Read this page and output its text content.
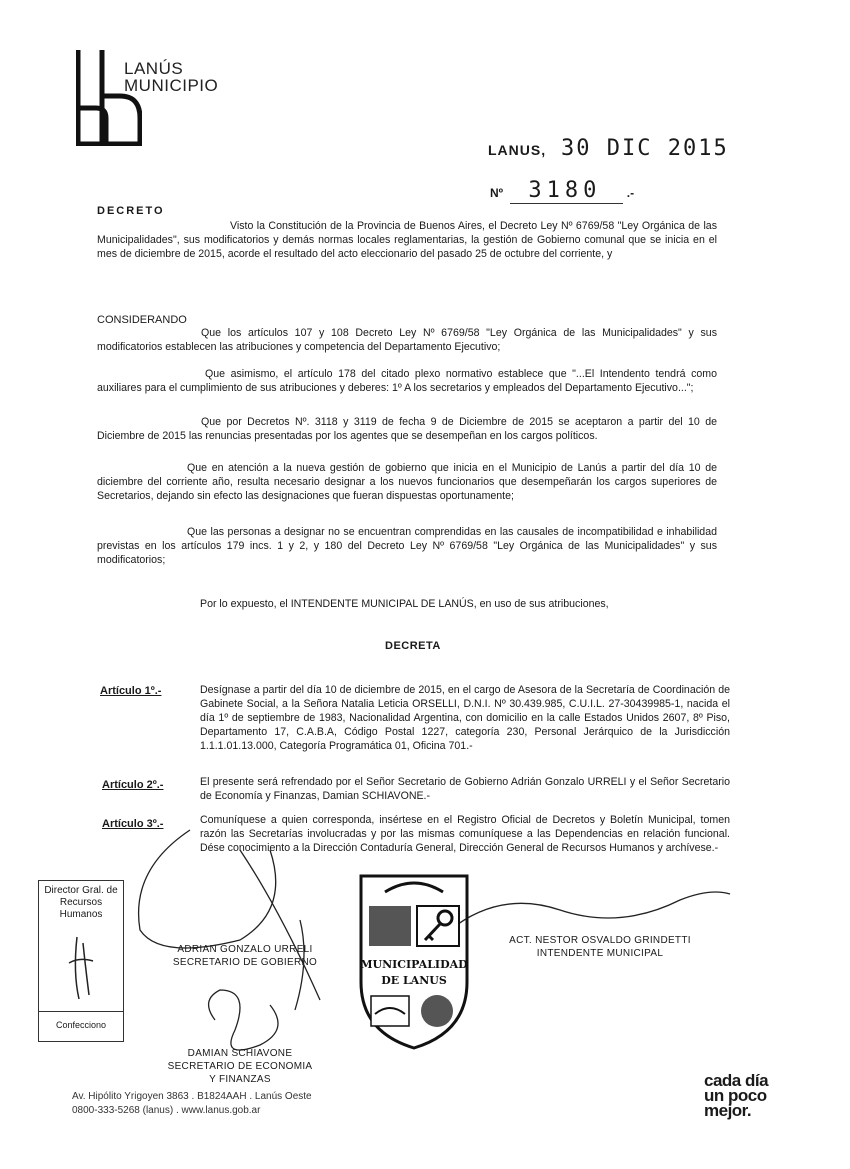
LANÚS
MUNICIPIO
LANUS, 30 DIC 2015
Nº 3180 .-
DECRETO
Visto la Constitución de la Provincia de Buenos Aires, el Decreto Ley Nº 6769/58 "Ley Orgánica de las Municipalidades", sus modificatorios y demás normas locales reglamentarias, la gestión de Gobierno comunal que se inicia en el mes de diciembre de 2015, acorde el resultado del acto eleccionario del pasado 25 de octubre del corriente, y
CONSIDERANDO
Que los artículos 107 y 108 Decreto Ley Nº 6769/58 "Ley Orgánica de las Municipalidades" y sus modificatorios establecen las atribuciones y competencia del Departamento Ejecutivo;
Que asimismo, el artículo 178 del citado plexo normativo establece que "...El Intendento tendrá como auxiliares para el cumplimiento de sus atribuciones y deberes: 1º A los secretarios y empleados del Departamento Ejecutivo...";
Que por Decretos Nº. 3118 y 3119 de fecha 9 de Diciembre de 2015 se aceptaron a partir del 10 de Diciembre de 2015 las renuncias presentadas por los agentes que se desempeñan en los cargos políticos.
Que en atención a la nueva gestión de gobierno que inicia en el Municipio de Lanús a partir del día 10 de diciembre del corriente año, resulta necesario designar a los nuevos funcionarios que desempeñarán los cargos superiores de Secretarios, dejando sin efecto las designaciones que fueran dispuestas oportunamente;
Que las personas a designar no se encuentran comprendidas en las causales de incompatibilidad e inhabilidad previstas en los artículos 179 incs. 1 y 2, y 180 del Decreto Ley Nº 6769/58 "Ley Orgánica de las Municipalidades" y sus modificatorios;
Por lo expuesto, el INTENDENTE MUNICIPAL DE LANÚS, en uso de sus atribuciones,
DECRETA
Artículo 1º.-	Desígnase a partir del día 10 de diciembre de 2015, en el cargo de Asesora de la Secretaría de Coordinación de Gabinete Social, a la Señora Natalia Leticia ORSELLI, D.N.I. Nº 30.439.985, C.U.I.L. 27-30439985-1, nacida el día 1º de septiembre de 1983, Nacionalidad Argentina, con domicilio en la calle Estados Unidos 2607, 8º Piso, Departamento 17, C.A.B.A, Código Postal 1227, categoría 230, Personal Jerárquico de la Jurisdicción 1.1.1.01.13.000, Categoría Programática 01, Oficina 701.-
Artículo 2º.-	El presente será refrendado por el Señor Secretario de Gobierno Adrián Gonzalo URRELI y el Señor Secretario de Economía y Finanzas, Damian SCHIAVONE.-
Artículo 3º.-	Comuníquese a quien corresponda, insértese en el Registro Oficial de Decretos y Boletín Municipal, tomen razón las Secretarías involucradas y por las mismas comuníquese a las Dependencias en relación funcional. Dése conocimiento a la Dirección Contaduría General, Dirección General de Recursos Humanos y archívese.-
Director Gral. de Recursos Humanos
Confecciono
ADRIAN GONZALO URRELI
SECRETARIO DE GOBIERNO
ACT. NESTOR OSVALDO GRINDETTI
INTENDENTE MUNICIPAL
DAMIAN SCHIAVONE
SECRETARIO DE ECONOMIA
Y FINANZAS
MUNICIPALIDAD
DE LANUS
Av. Hipólito Yrigoyen 3863 . B1824AAH . Lanús Oeste
0800-333-5268 (lanus) . www.lanus.gob.ar
cada día
un poco
mejor.
